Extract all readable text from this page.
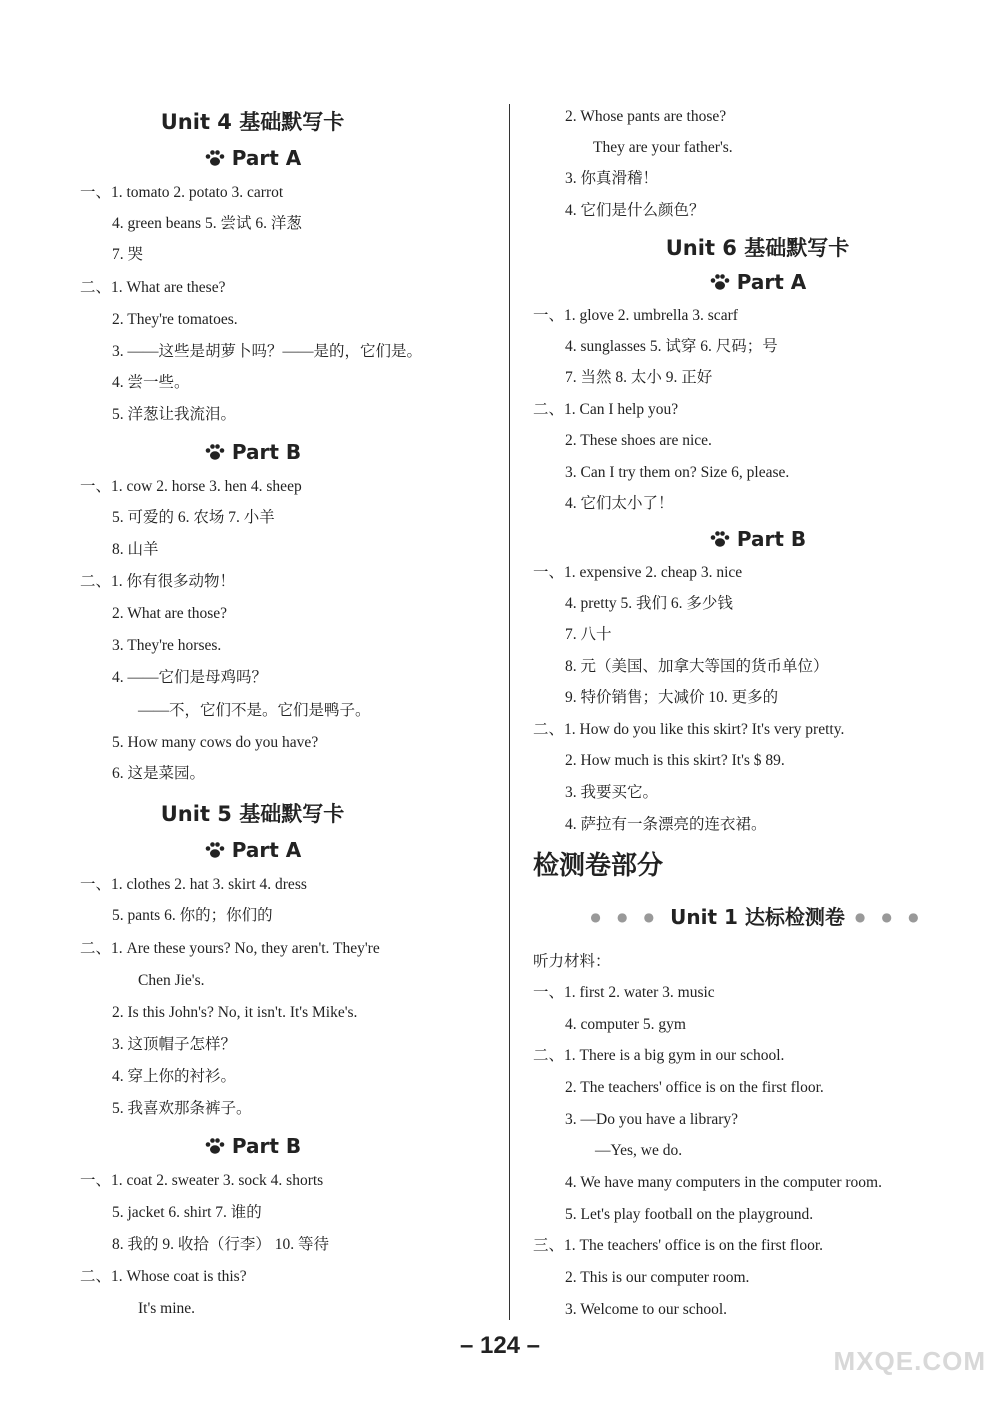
Unit 4 基础默写卡
Part A
一、1. tomato 2. potato 3. carrot
4. green beans 5. 尝试 6. 洋葱
7. 哭
二、1. What are these?
2. They're tomatoes.
3. ——这些是胡萝卜吗？——是的，它们是。
4. 尝一些。
5. 洋葱让我流泪。
Part B
一、1. cow 2. horse 3. hen 4. sheep
5. 可爱的 6. 农场 7. 小羊
8. 山羊
二、1. 你有很多动物！
2. What are those?
3. They're horses.
4. ——它们是母鸡吗？
——不，它们不是。它们是鸭子。
5. How many cows do you have?
6. 这是菜园。
Unit 5 基础默写卡
Part A
一、1. clothes 2. hat 3. skirt 4. dress
5. pants 6. 你的；你们的
二、1. Are these yours? No, they aren't. They're
Chen Jie's.
2. Is this John's? No, it isn't. It's Mike's.
3. 这顶帽子怎样？
4. 穿上你的衬衫。
5. 我喜欢那条裤子。
Part B
一、1. coat 2. sweater 3. sock 4. shorts
5. jacket 6. shirt 7. 谁的
8. 我的 9. 收拾（行李） 10. 等待
二、1. Whose coat is this?
It's mine.
2. Whose pants are those?
They are your father's.
3. 你真滑稽！
4. 它们是什么颜色？
Unit 6 基础默写卡
Part A
一、1. glove 2. umbrella 3. scarf
4. sunglasses 5. 试穿 6. 尺码；号
7. 当然 8. 太小 9. 正好
二、1. Can I help you?
2. These shoes are nice.
3. Can I try them on? Size 6, please.
4. 它们太小了！
Part B
一、1. expensive 2. cheap 3. nice
4. pretty 5. 我们 6. 多少钱
7. 八十
8. 元（美国、加拿大等国的货币单位）
9. 特价销售；大减价 10. 更多的
二、1. How do you like this skirt? It's very pretty.
2. How much is this skirt? It's $ 89.
3. 我要买它。
4. 萨拉有一条漂亮的连衣裙。
检测卷部分
● ● ● Unit 1 达标检测卷 ● ● ●
听力材料：
一、1. first 2. water 3. music
4. computer 5. gym
二、1. There is a big gym in our school.
2. The teachers' office is on the first floor.
3. —Do you have a library?
—Yes, we do.
4. We have many computers in the computer room.
5. Let's play football on the playground.
三、1. The teachers' office is on the first floor.
2. This is our computer room.
3. Welcome to our school.
– 124 –
MXQE.COM
